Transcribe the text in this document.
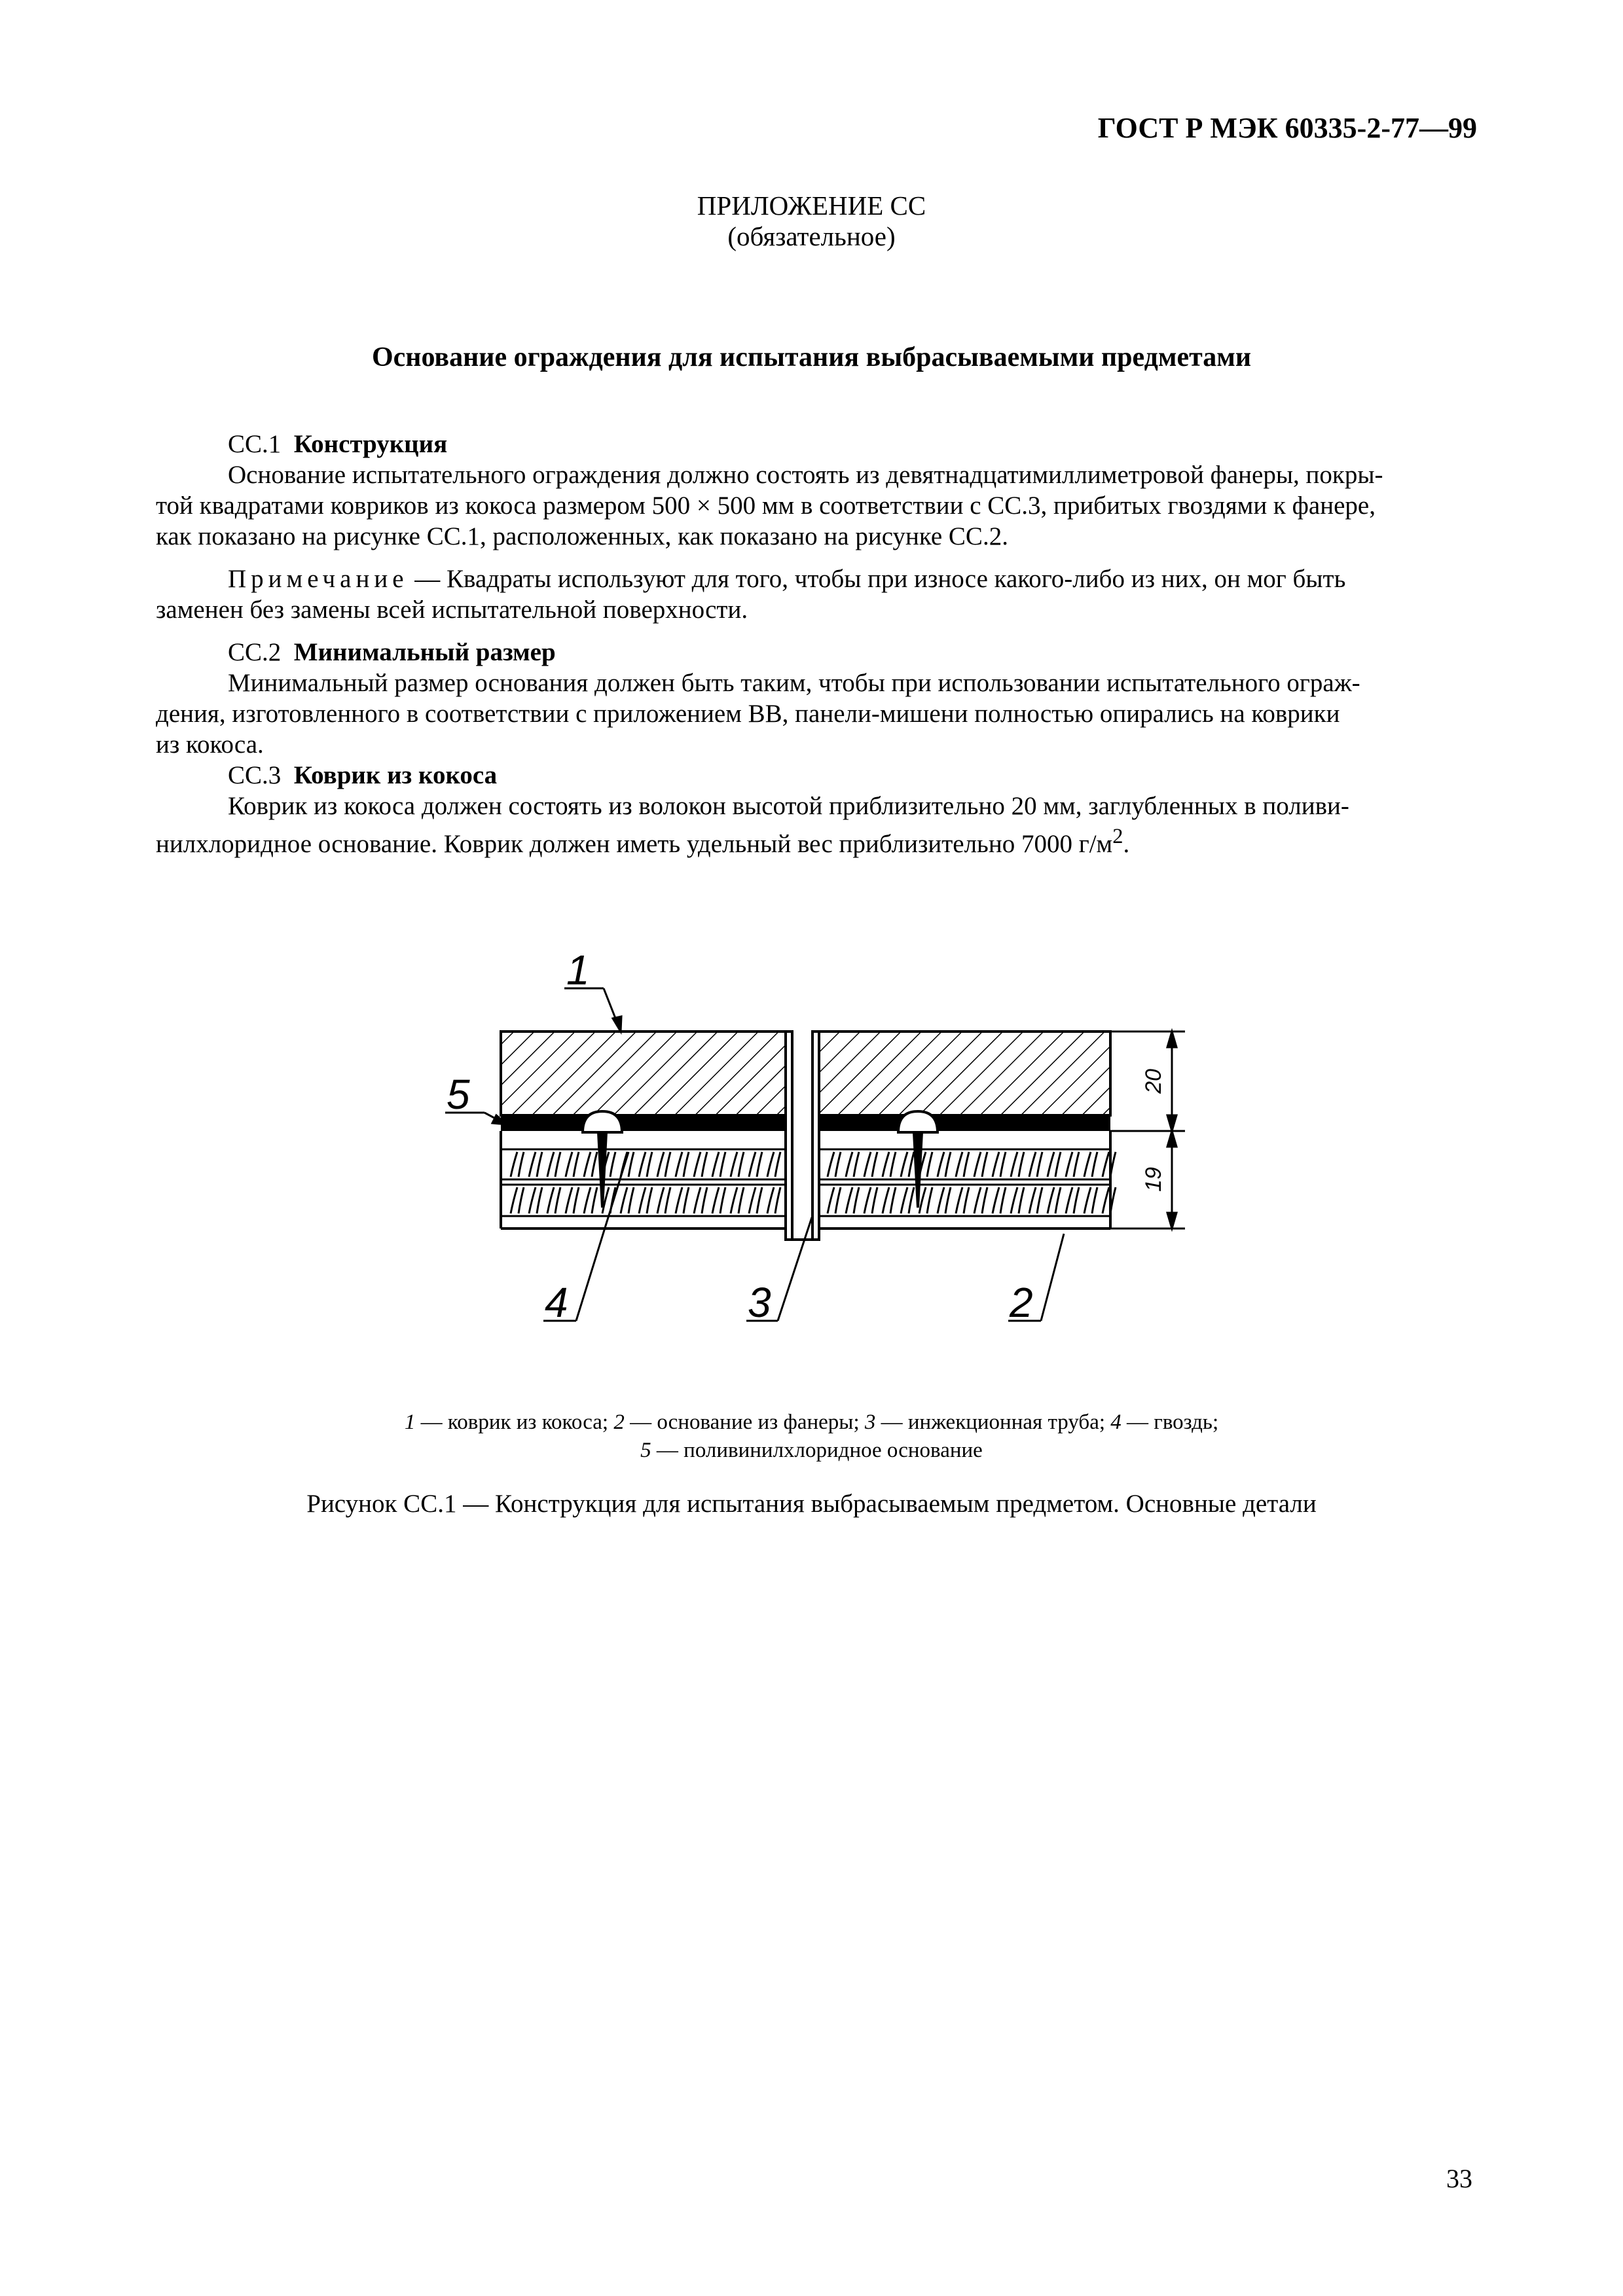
ГОСТ Р МЭК 60335-2-77—99
ПРИЛОЖЕНИЕ СС
(обязательное)
Основание ограждения для испытания выбрасываемыми предметами

СС.1 Конструкция

Основание испытательного ограждения должно состоять из девятнадцатимиллиметровой фанеры, покры-

той квадратами ковриков из кокоса размером 500 × 500 мм в соответствии с СС.3, прибитых гвоздями к фанере,

как показано на рисунке СС.1, расположенных, как показано на рисунке СС.2.

Примечание — Квадраты используют для того, чтобы при износе какого-либо из них, он мог быть

заменен без замены всей испытательной поверхности.

СС.2 Минимальный размер

Минимальный размер основания должен быть таким, чтобы при использовании испытательного ограж-

дения, изготовленного в соответствии с приложением ВВ, панели-мишени полностью опирались на коврики

из кокоса.

СС.3 Коврик из кокоса

Коврик из кокоса должен состоять из волокон высотой приблизительно 20 мм, заглубленных в поливи-

нилхлоридное основание. Коврик должен иметь удельный вес приблизительно 7000 $г/м^2$.

20
19
1
5
4	3	2
1 — коврик из кокоса; 2 — основание из фанеры; 3 — инжекционная труба; 4 — гвоздь;
5 — поливинилхлоридное основание
Рисунок СС.1 — Конструкция для испытания выбрасываемым предметом. Основные детали
33
